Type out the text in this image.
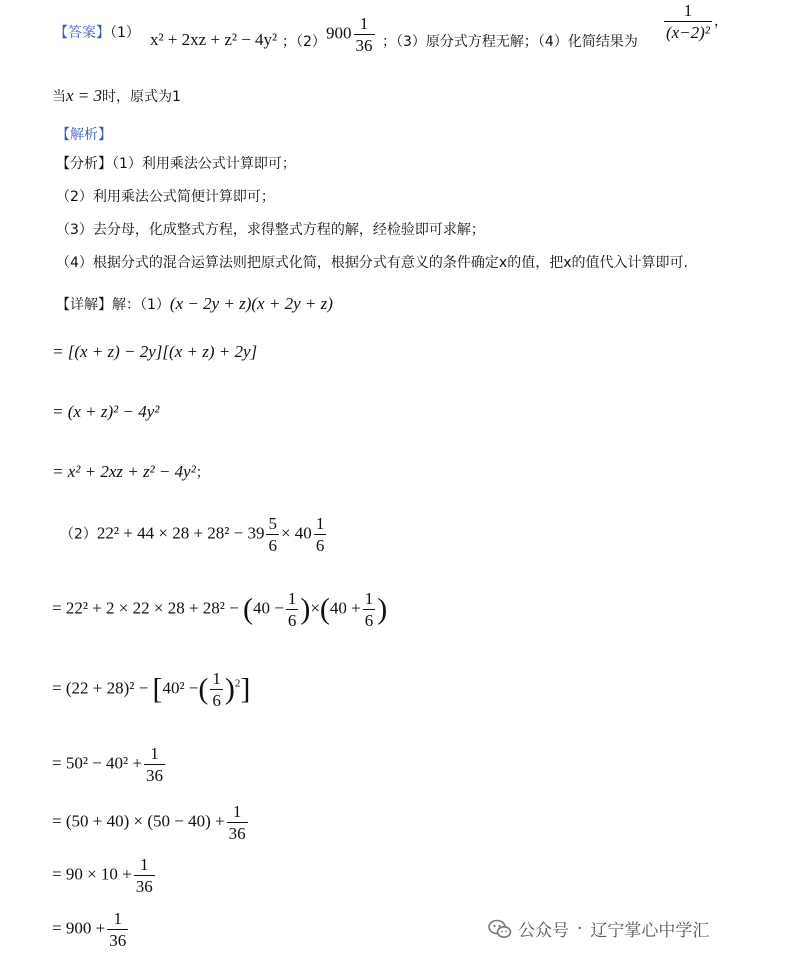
【答案】（1） x² + 2xz + z² − 4y² ；（2） $900 \frac{1}{36}$ ；（3）原分式方程无解；（4）化简结果为
$\frac{1}{\text{(x−2)²}}$ ，
当x = 3时，原式为1
【解析】
【分析】（1）利用乘法公式计算即可；
（2）利用乘法公式简便计算即可；
（3）去分母，化成整式方程，求得整式方程的解，经检验即可求解；
（4）根据分式的混合运算法则把原式化简，根据分式有意义的条件确定x的值，把x的值代入计算即可.
【详解】解：（1）(x − 2y + z)(x + 2y + z)
= [(x + z) − 2y][(x + z) + 2y]
= (x + z)² − 4y²
= x² + 2xz + z² − 4y²；
$(2)22^2 + 44 \times 28 + 28^2 - 39 \frac{5}{6} \times 40 \frac{1}{6}$
= $22^2 + 2 \times 22 \times 28 + 28^2 - (40 - \frac{1}{6} )\times(40 + \frac{1}{6}$ )
= (22 + 28)² − [40² −( $\frac{1}{6} )^2$]
= $50^2 - 40^2 + \frac{1}{36}$
= $(50 + 40) \times (50 - 40) + \frac{1}{36}$
= $90 \times 10 + \frac{1}{36}$
= $900 + \frac{1}{36}$	公众号 · 辽宁掌心中学汇
